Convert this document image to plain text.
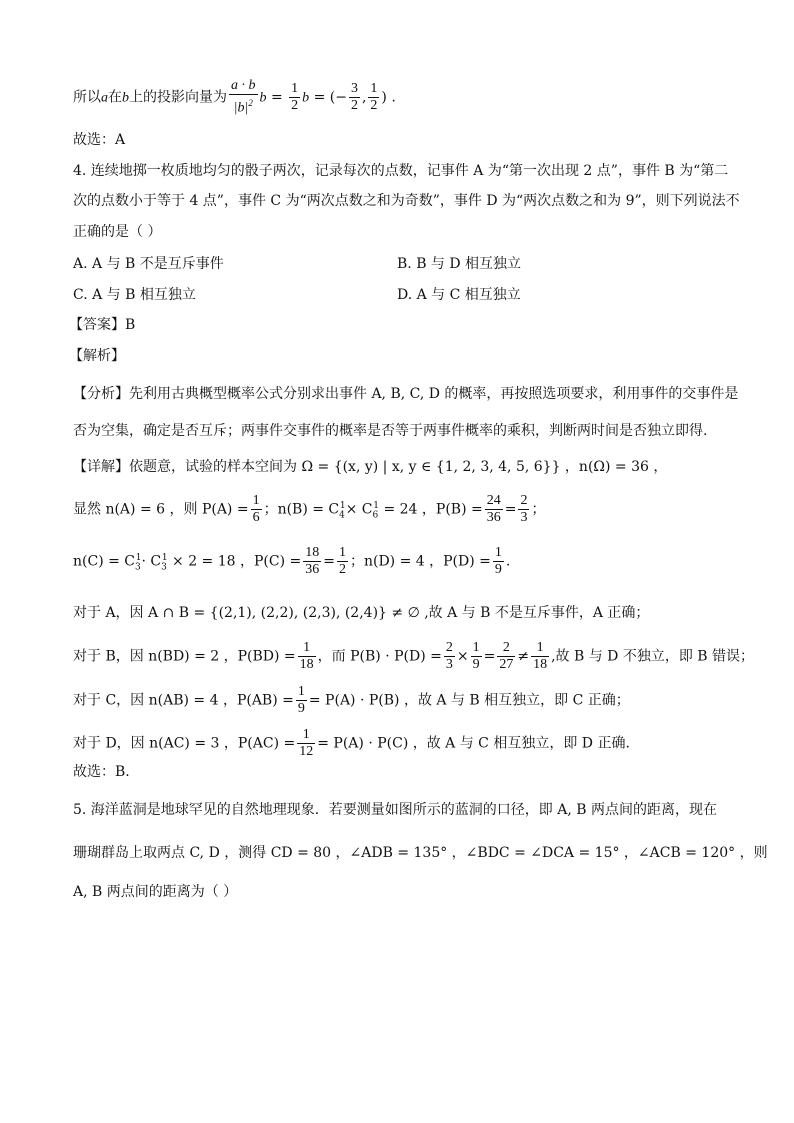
所以a在b上的投影向量为 $\frac{a \cdot b}{|b|^2}$ $b = \frac{1}{2}$ b = (− $\frac{3}{2}$ , $\frac{1}{2}$ ) .
故选：A
4. 连续地掷一枚质地均匀的骰子两次，记录每次的点数，记事件 A 为“第一次出现 2 点”，事件 B 为“第二
次的点数小于等于 4 点”，事件 C 为“两次点数之和为奇数”，事件 D 为“两次点数之和为 9”，则下列说法不
正确的是（ ）
A. A 与 B 不是互斥事件	B. B 与 D 相互独立
C. A 与 B 相互独立	D. A 与 C 相互独立
【答案】B
【解析】
【分析】先利用古典概型概率公式分别求出事件 A, B, C, D 的概率，再按照选项要求，利用事件的交事件是
否为空集，确定是否互斥；两事件交事件的概率是否等于两事件概率的乘积，判断两时间是否独立即得.
【详解】依题意，试验的样本空间为 Ω = {(x, y) | x, y ∈ {1, 2, 3, 4, 5, 6}} ，n(Ω) = 36 ，
显然 n(A) = 6 ，则 $P(A) = \frac{1}{6}$ ；$n(B) = C_4^1\times C_6^1 = 24$ ，$P(B) = \frac{24}{36} = \frac{2}{3}$ ；
$n(C) = C_3^1\cdot C_3^1 \times 2 = 18$ ，$P(C) = \frac{18}{36} = \frac{1}{2}$ ；n(D) = 4 ，$P(D) = \frac{1}{9}$ .
对于 A，因 A ∩ B = {(2,1), (2,2), (2,3), (2,4)} ≠ ∅ ,故 A 与 B 不是互斥事件，A 正确；
对于 B，因 n(BD) = 2 ，$P(BD) = \frac{1}{18}$ ，而 $P(B) \cdot P(D) = \frac{2}{3} \times \frac{1}{9} = \frac{2}{27} \ne \frac{1}{18}$ ,故 B 与 D 不独立，即 B 错误；
对于 C，因 n(AB) = 4 ，$P(AB) = \frac{1}{9} = P(A) \cdot P(B)$ ，故 A 与 B 相互独立，即 C 正确；
对于 D，因 n(AC) = 3 ，$P(AC) = \frac{1}{12} = P(A) \cdot P(C)$ ，故 A 与 C 相互独立，即 D 正确.
故选：B.
5. 海洋蓝洞是地球罕见的自然地理现象．若要测量如图所示的蓝洞的口径，即 A, B 两点间的距离，现在
珊瑚群岛上取两点 C, D ，测得 CD = 80 ，∠ADB = 135° ，∠BDC = ∠DCA = 15° ，∠ACB = 120° ，则
A, B 两点间的距离为（ ）
